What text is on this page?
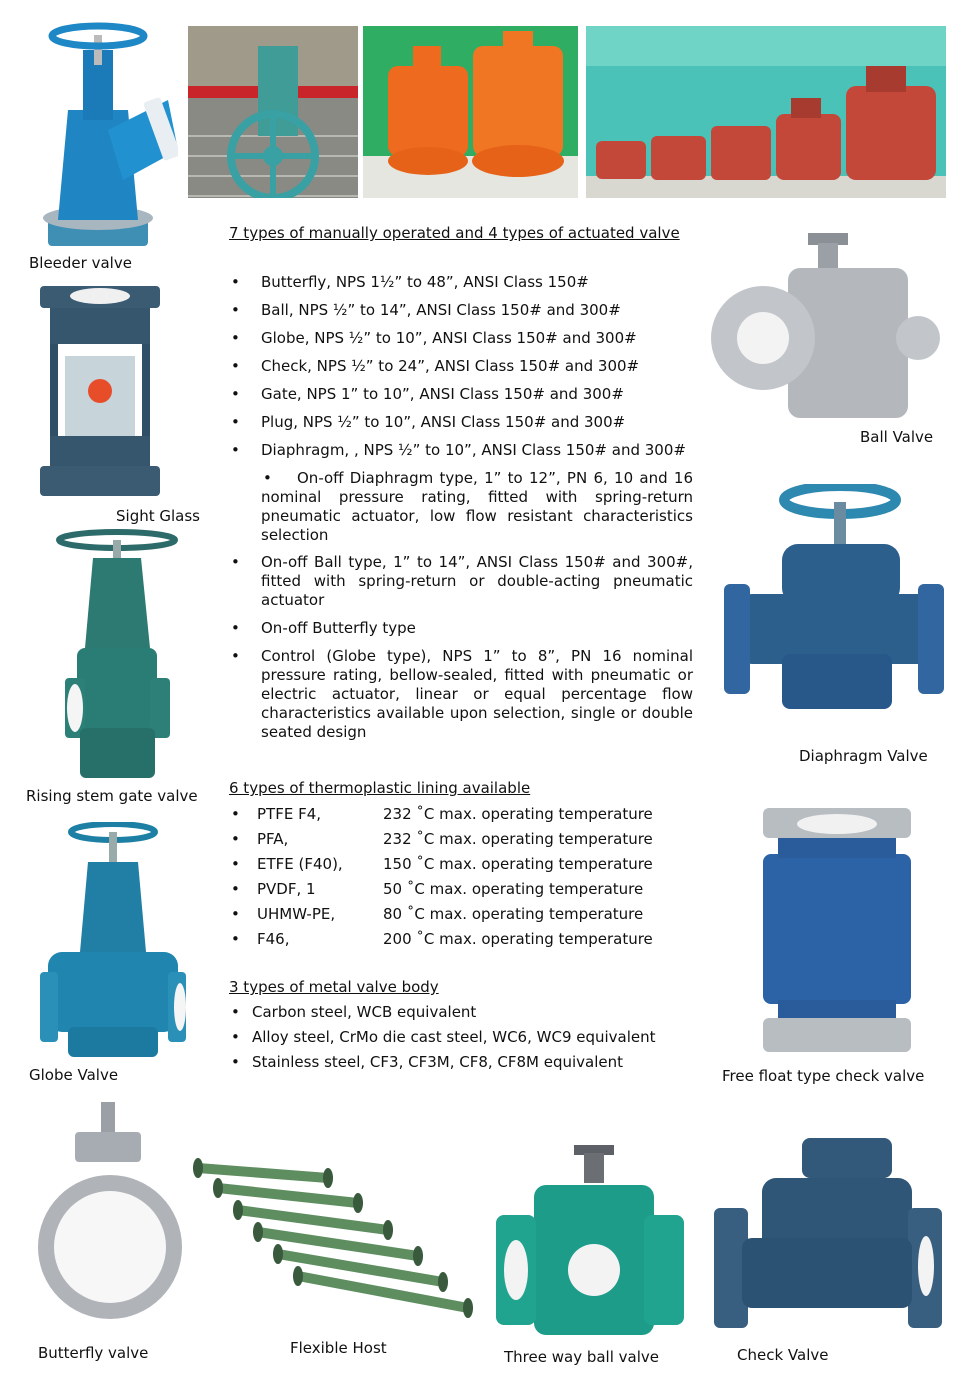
Bleeder valve
Sight Glass
Rising stem gate valve
Globe Valve
Ball Valve
Diaphragm Valve
Free float type check valve
Butterfly valve	Flexible Host	Three way ball valve	Check Valve
7 types of manually operated and 4 types of actuated valve
• Butterfly, NPS 1½” to 48”, ANSI Class 150#
• Ball, NPS ½” to 14”, ANSI Class 150# and 300#
• Globe, NPS ½” to 10”, ANSI Class 150# and 300#
• Check, NPS ½” to 24”, ANSI Class 150# and 300#
• Gate, NPS 1” to 10”, ANSI Class 150# and 300#
• Plug, NPS ½” to 10”, ANSI Class 150# and 300#
• Diaphragm, , NPS ½” to 10”, ANSI Class 150# and 300#
• On-off Diaphragm type, 1” to 12”, PN 6, 10 and 16 nominal pressure rating, fitted with spring-return pneumatic actuator, low flow resistant characteristics selection
• On-off Ball type, 1” to 14”, ANSI Class 150# and 300#, fitted with spring-return or double-acting pneumatic actuator
• On-off Butterfly type
• Control (Globe type), NPS 1” to 8”, PN 16 nominal pressure rating, bellow-sealed, fitted with pneumatic or electric actuator, linear or equal percentage flow characteristics available upon selection, single or double seated design
6 types of thermoplastic lining available
• PTFE F4,	232 ˚C max. operating temperature
• PFA,	232 ˚C max. operating temperature
• ETFE (F40),	150 ˚C max. operating temperature
• PVDF, 1	50 ˚C max. operating temperature
• UHMW-PE,	80 ˚C max. operating temperature
• F46,	200 ˚C max. operating temperature
3 types of metal valve body
• Carbon steel, WCB equivalent
• Alloy steel, CrMo die cast steel, WC6, WC9 equivalent
• Stainless steel, CF3, CF3M, CF8, CF8M equivalent
